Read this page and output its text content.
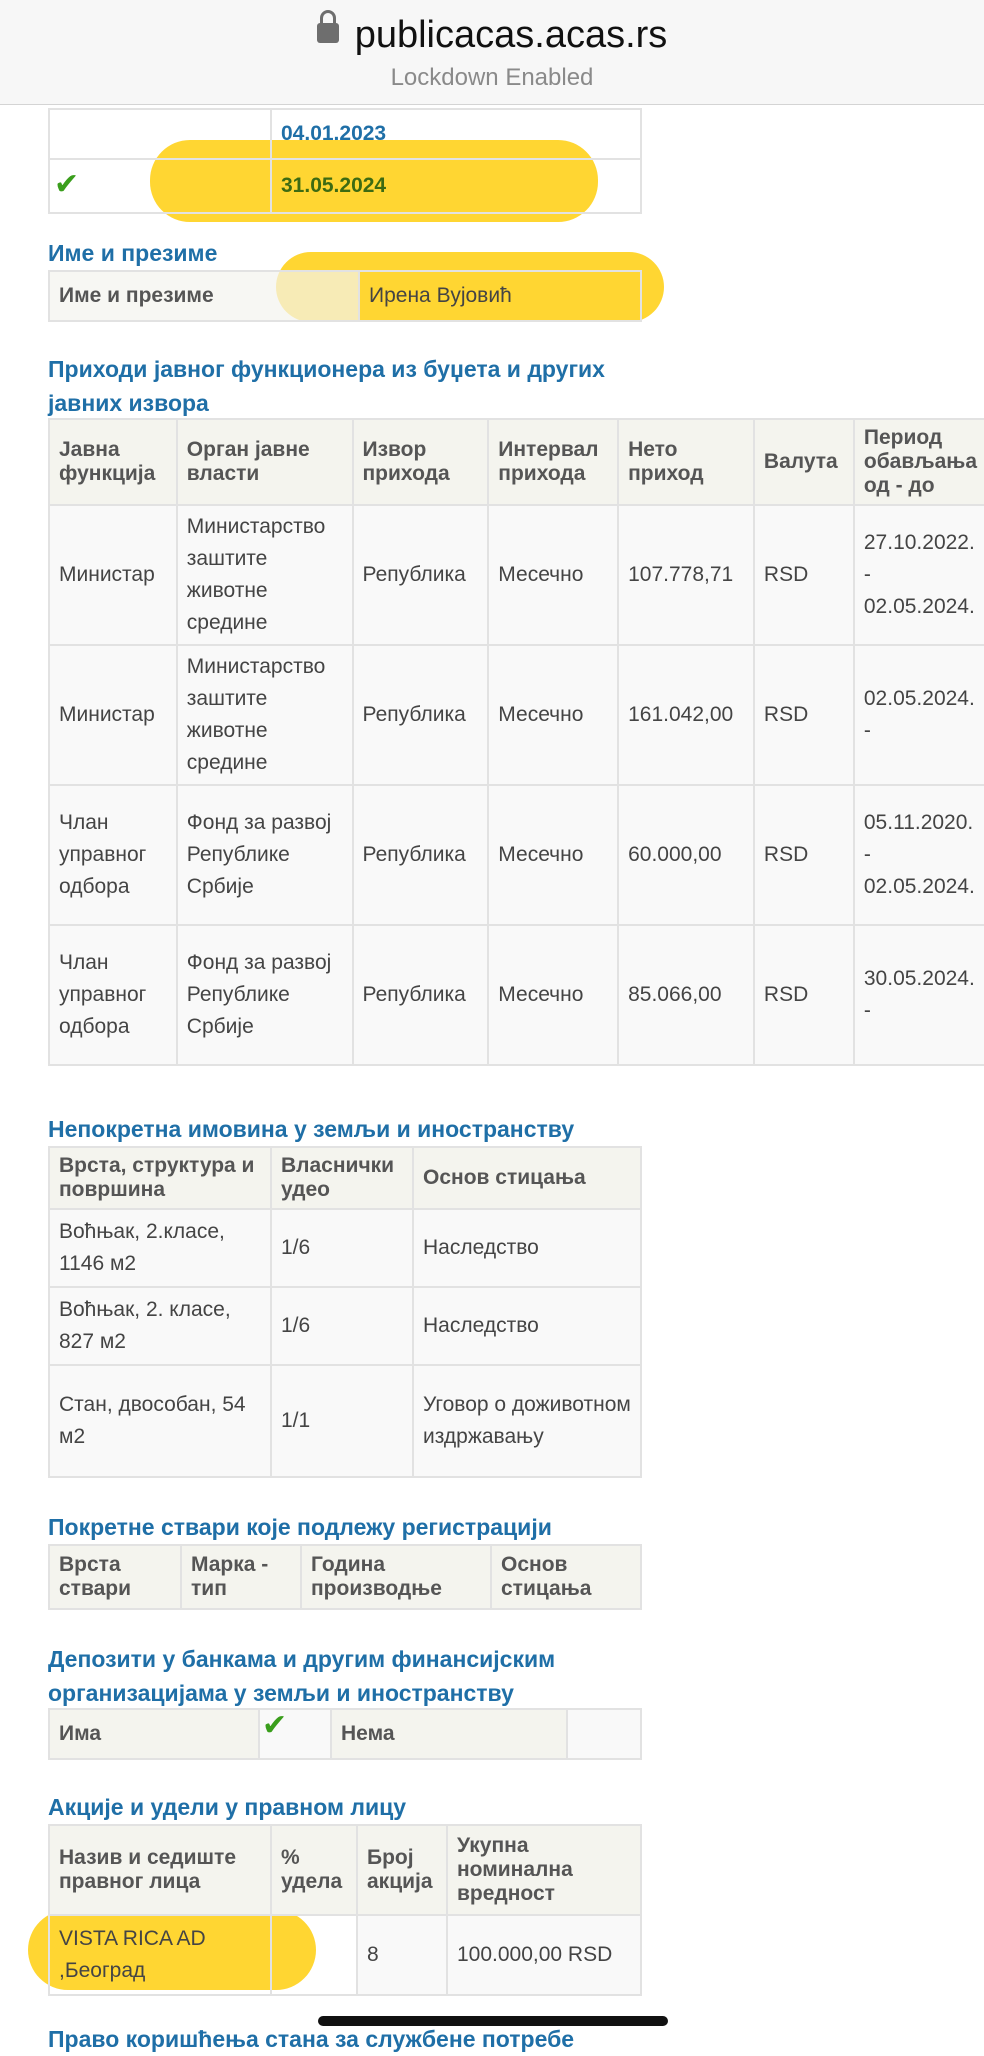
	04.01.2023
✔	31.05.2024
Име и презиме
Име и презиме	Ирена Вујовић
Приходи јавног функционера из буџета и других јавних извора
Јавна функција	Орган јавне власти	Извор прихода	Интервал прихода	Нето приход	Валута	Период обављања од - до
Министар	Министарство заштите животне средине	Република	Месечно	107.778,71	RSD	27.10.2022.
-
02.05.2024.
Министар	Министарство заштите животне средине	Република	Месечно	161.042,00	RSD	02.05.2024.
-
Члан управног одбора	Фонд за развој Републике Србије	Република	Месечно	60.000,00	RSD	05.11.2020.
-
02.05.2024.
Члан управног одбора	Фонд за развој Републике Србије	Република	Месечно	85.066,00	RSD	30.05.2024.
-
Непокретна имовина у земљи и иностранству
Врста, структура и површина	Власнички удео	Основ стицања
Воћњак, 2.класе, 1146 м2	1/6	Наследство
Воћњак, 2. класе, 827 м2	1/6	Наследство
Стан, двособан, 54 м2	1/1	Уговор о доживотном издржавању
Покретне ствари које подлежу регистрацији
Врста ствари	Марка - тип	Година производње	Основ стицања
Депозити у банкама и другим финансијским организацијама у земљи и иностранству
Има	✔	Нема	
Акције и удели у правном лицу
Назив и седиште правног лица	% удела	Број акција	Укупна номинална вредност
VISTA RICA AD ,Београд		8	100.000,00 RSD
Право коришћења стана за службене потребе
publicacas.acas.rs
Lockdown Enabled
